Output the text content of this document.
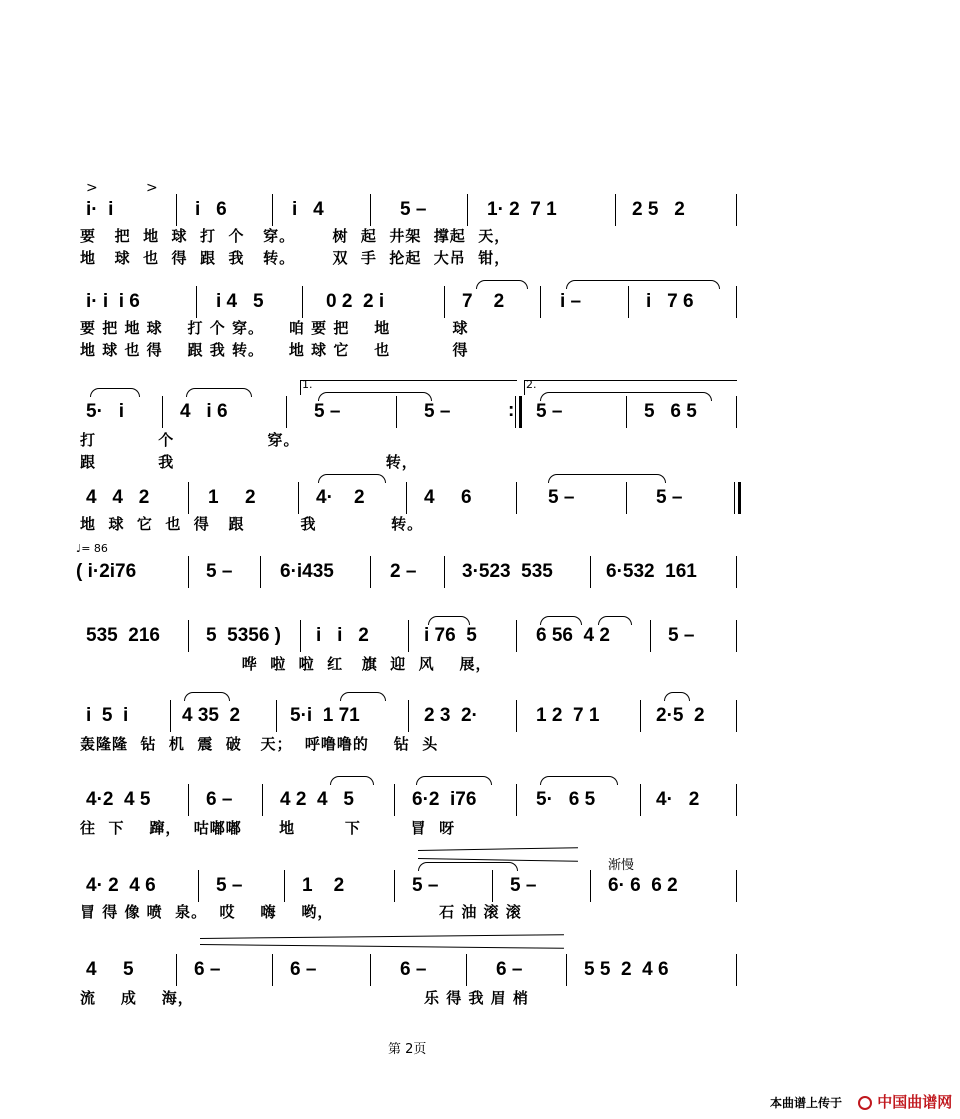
>	>
i·  i	i   6	i   4	5 –	1· 2  7 1	2 5   2
要   把  地  球  打  个   穿。      树  起  井架  撑起  天，
地   球  也  得  跟  我   转。      双  手  抡起  大吊  钳，
i· i  i 6	i 4   5	0 2  2 i	7    2	i –	i   7 6
要 把 地 球    打 个 穿。    咱 要 把    地          球
地 球 也 得    跟 我 转。    地 球 它    也          得
1.	2.
5·   i	4   i 6	5 –	5 –	: 5 –	5   6 5
打          个               穿。
跟          我                                  转，
4   4   2	1     2	4·    2	4     6	5 –	5 –
地  球  它  也  得   跟         我            转。
♩= 86
( i·2i76	5 –	6·i435	2 – 3·523  535	6·532  161
535  216 5  5356 ) i   i   2	i 76  5	6 56  4 2	5 –
哗  啦  啦  红   旗  迎  风    展，
i  5  i	4 35  2	5·i  1 71	2 3  2·	1 2  7 1	2·5  2
轰隆隆  钻  机  震  破   天；  呼噜噜的    钻  头
4·2  4 5	6 –	4 2  4   5	6·2  i76	5·   6 5	4·   2
往  下    蹿，  咕嘟嘟      地        下        冒  呀
渐慢
4· 2  4 6	5 –	1    2	5 –	5 –	6· 6  6 2
冒 得 像 喷  泉。  哎    嗨    哟，                 石 油 滚 滚
4     5	6 –	6 –	6 –	6 –	5 5  2  4 6
流    成    海，                                     乐 得 我 眉 梢
第 2页
本曲谱上传于	中国曲谱网
